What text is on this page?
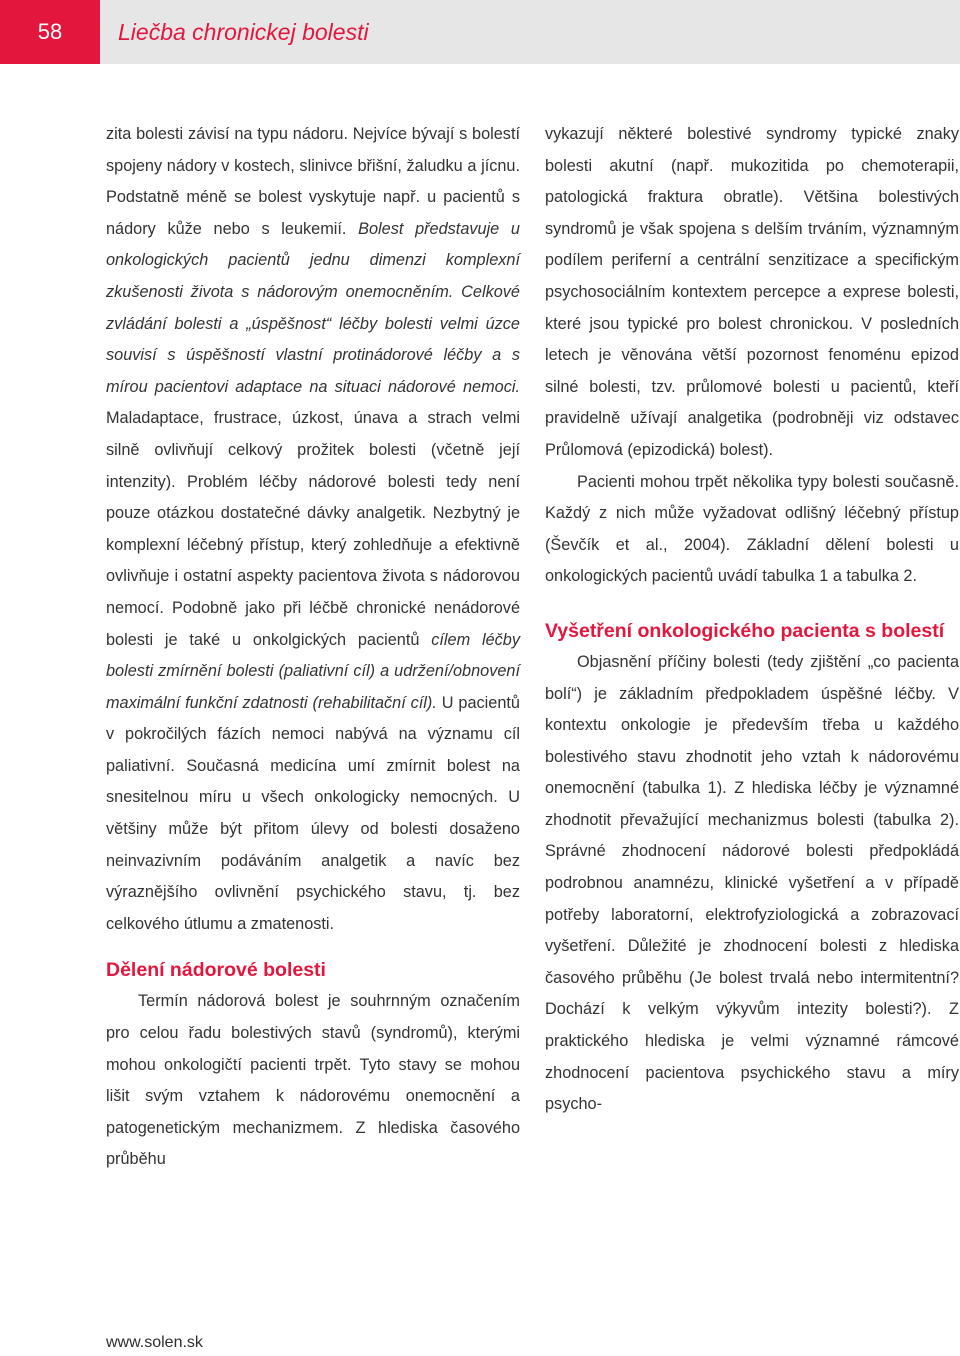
58	Liečba chronickej bolesti

zita bolesti závisí na typu nádoru. Nejvíce bývají s bolestí spojeny nádory v kostech, slinivce břišní, žaludku a jícnu. Podstatně méně se bolest vyskytuje např. u pacientů s nádory kůže nebo s leukemií. Bolest představuje u onkologických pacientů jednu dimenzi komplexní zkušenosti života s nádorovým onemocněním. Celkové zvládání bolesti a „úspěšnost“ léčby bolesti velmi úzce souvisí s úspěšností vlastní protinádorové léčby a s mírou pacientovi adaptace na situaci nádorové nemoci. Maladaptace, frustrace, úzkost, únava a strach velmi silně ovlivňují celkový prožitek bolesti (včetně její intenzity). Problém léčby nádorové bolesti tedy není pouze otázkou dostatečné dávky analgetik. Nezbytný je komplexní léčebný přístup, který zohledňuje a efektivně ovlivňuje i ostatní aspekty pacientova života s nádorovou nemocí. Podobně jako při léčbě chronické nenádorové bolesti je také u onkolgických pacientů cílem léčby bolesti zmírnění bolesti (paliativní cíl) a udržení/obnovení maximální funkční zdatnosti (rehabilitační cíl). U pacientů v pokročilých fázích nemoci nabývá na významu cíl paliativní. Současná medicína umí zmírnit bolest na snesitelnou míru u všech onkologicky nemocných. U většiny může být přitom úlevy od bolesti dosaženo neinvazivním podáváním analgetik a navíc bez výraznějšího ovlivnění psychického stavu, tj. bez celkového útlumu a zmatenosti.

Dělení nádorové bolesti

Termín nádorová bolest je souhrnným označením pro celou řadu bolestivých stavů (syndromů), kterými mohou onkologičtí pacienti trpět. Tyto stavy se mohou lišit svým vztahem k nádorovému onemocnění a patogenetickým mechanizmem. Z hlediska časového průběhu

vykazují některé bolestivé syndromy typické znaky bolesti akutní (např. mukozitida po chemoterapii, patologická fraktura obratle). Většina bolestivých syndromů je však spojena s delším trváním, významným podílem periferní a centrální senzitizace a specifickým psychosociálním kontextem percepce a exprese bolesti, které jsou typické pro bolest chronickou. V posledních letech je věnována větší pozornost fenoménu epizod silné bolesti, tzv. průlomové bolesti u pacientů, kteří pravidelně užívají analgetika (podrobněji viz odstavec Průlomová (epizodická) bolest).

Pacienti mohou trpět několika typy bolesti současně. Každý z nich může vyžadovat odlišný léčebný přístup (Ševčík et al., 2004). Základní dělení bolesti u onkologických pacientů uvádí tabulka 1 a tabulka 2.

Vyšetření onkologického pacienta s bolestí

Objasnění příčiny bolesti (tedy zjištění „co pacienta bolí“) je základním předpokladem úspěšné léčby. V kontextu onkologie je především třeba u každého bolestivého stavu zhodnotit jeho vztah k nádorovému onemocnění (tabulka 1). Z hlediska léčby je významné zhodnotit převažující mechanizmus bolesti (tabulka 2). Správné zhodnocení nádorové bolesti předpokládá podrobnou anamnézu, klinické vyšetření a v případě potřeby laboratorní, elektrofyziologická a zobrazovací vyšetření. Důležité je zhodnocení bolesti z hlediska časového průběhu (Je bolest trvalá nebo intermitentní? Dochází k velkým výkyvům intezity bolesti?). Z praktického hlediska je velmi významné rámcové zhodnocení pacientova psychického stavu a míry psycho-

www.solen.sk
